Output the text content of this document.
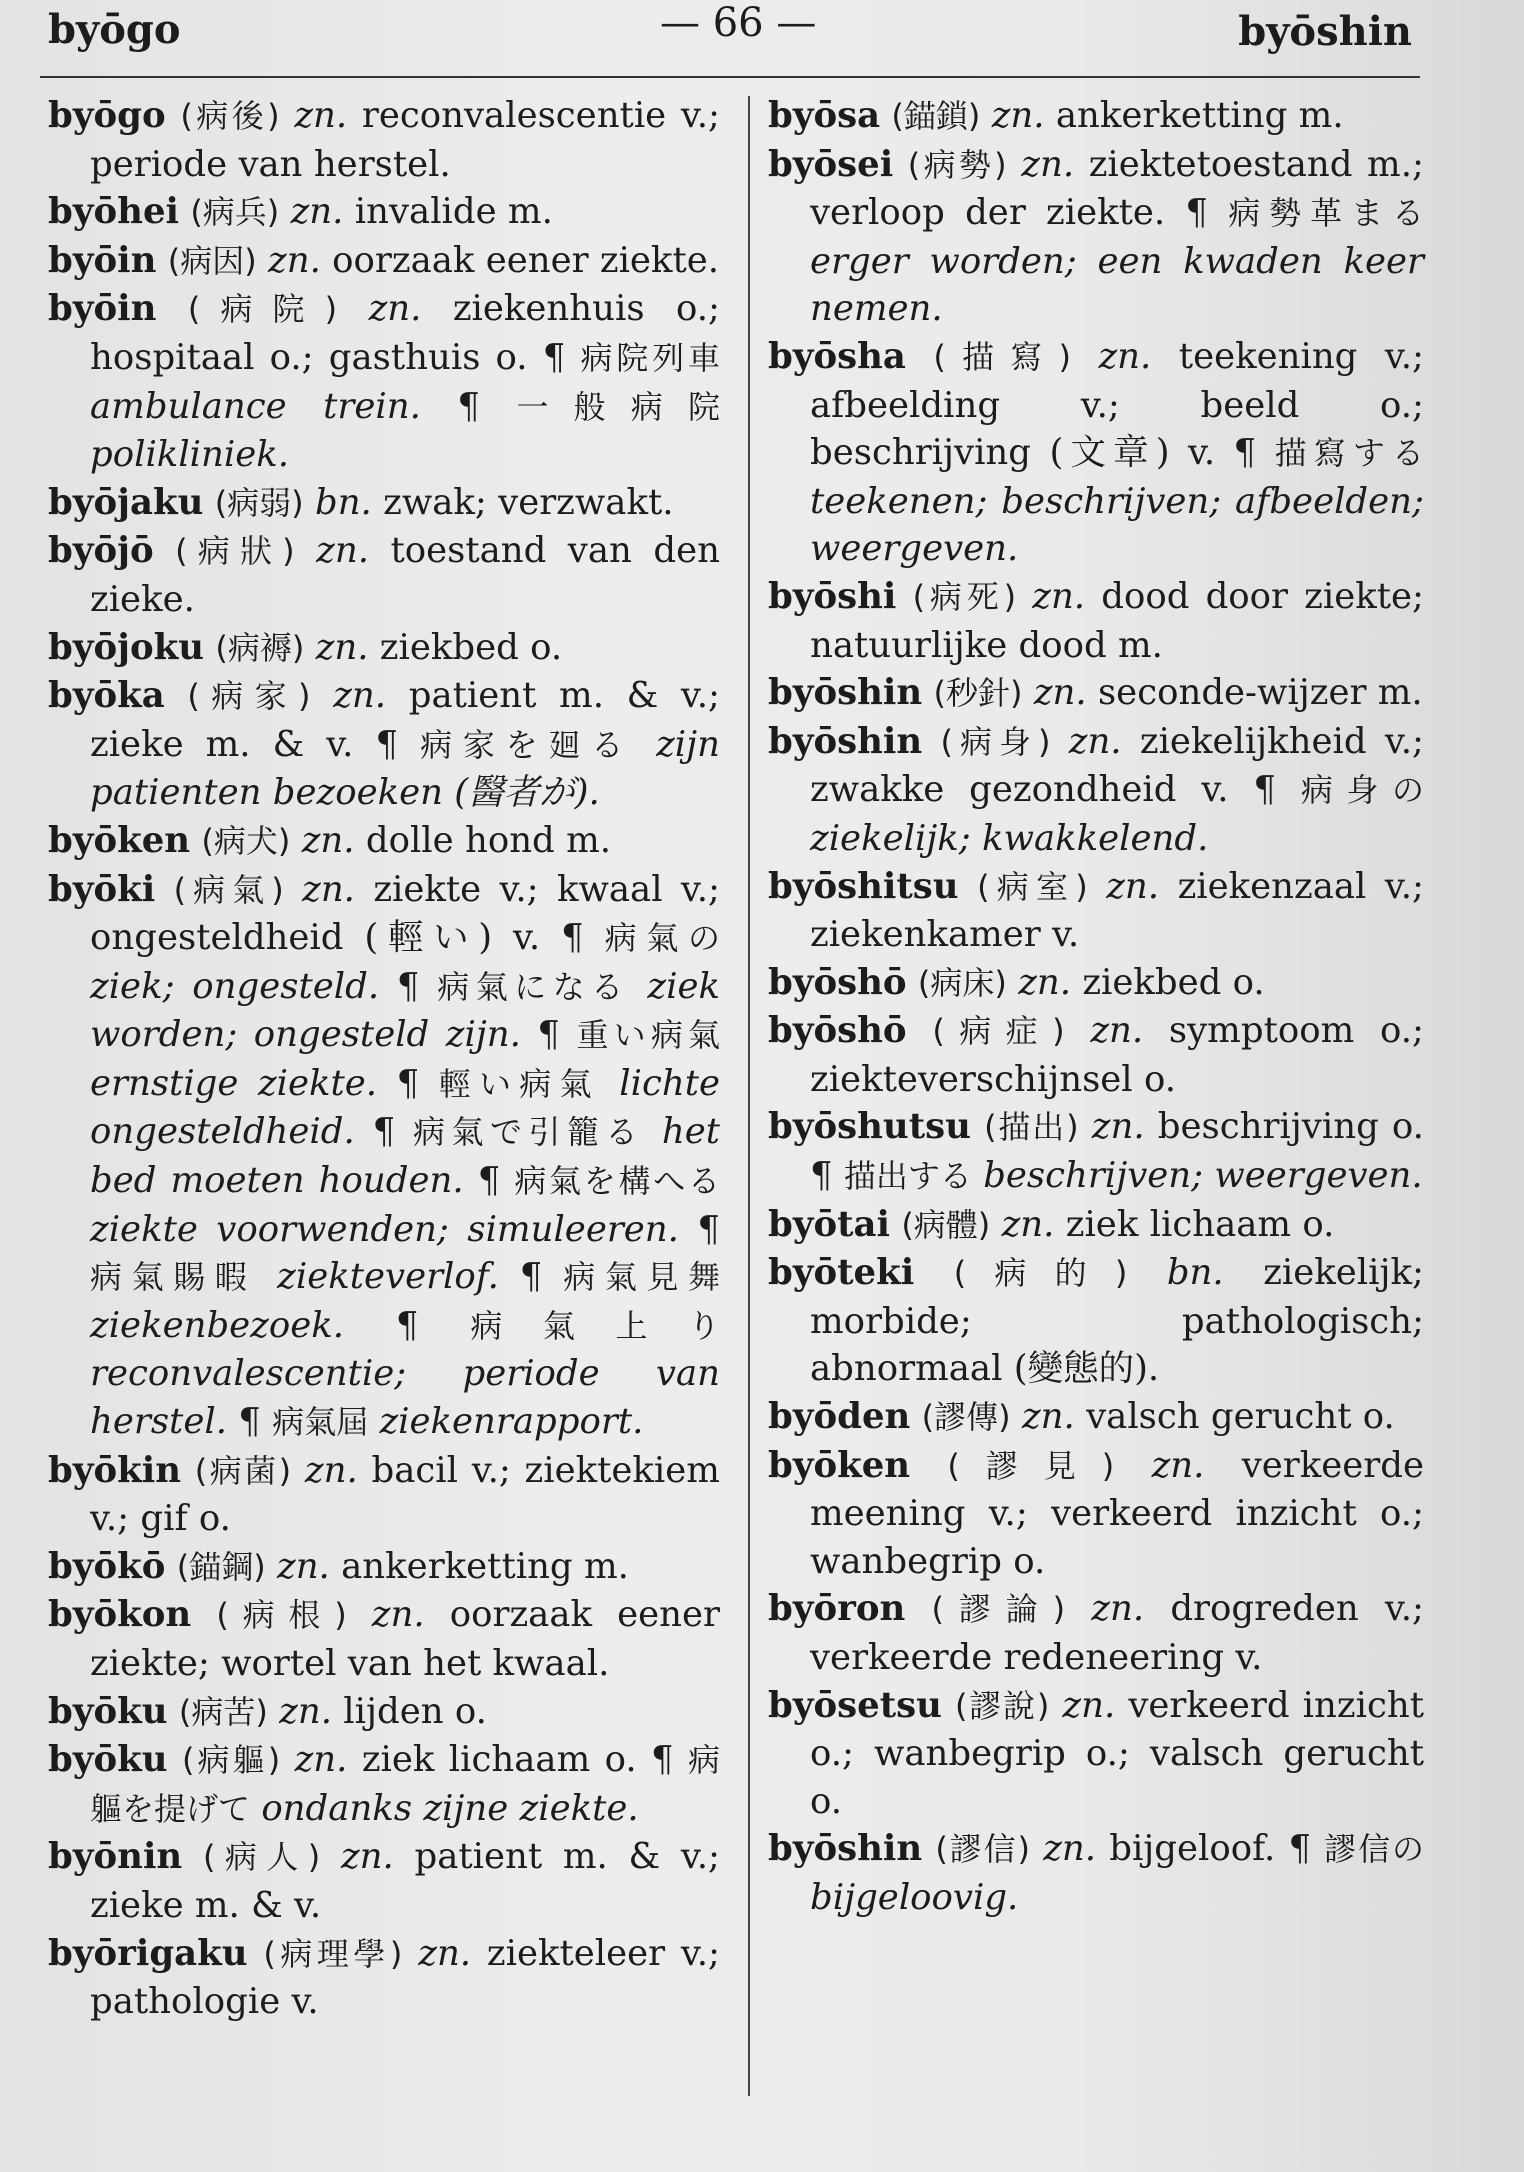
byōgo	— 66 —	byōshin
byōgo (病後) zn. reconvalescentie v.; periode van herstel.
byōhei (病兵) zn. invalide m.
byōin (病因) zn. oorzaak eener ziekte.
byōin (病院) zn. ziekenhuis o.; hospitaal o.; gasthuis o. ¶ 病院列車 ambulance trein. ¶ 一般病院 polikliniek.
byōjaku (病弱) bn. zwak; verzwakt.
byōjō (病狀) zn. toestand van den zieke.
byōjoku (病褥) zn. ziekbed o.
byōka (病家) zn. patient m. & v.; zieke m. & v. ¶ 病家を廻る zijn patienten bezoeken (醫者が).
byōken (病犬) zn. dolle hond m.
byōki (病氣) zn. ziekte v.; kwaal v.; ongesteldheid (輕い) v. ¶ 病氣の ziek; ongesteld. ¶ 病氣になる ziek worden; ongesteld zijn. ¶ 重い病氣 ernstige ziekte. ¶ 輕い病氣 lichte ongesteldheid. ¶ 病氣で引籠る het bed moeten houden. ¶ 病氣を構へる ziekte voorwenden; simuleeren. ¶ 病氣賜暇 ziekteverlof. ¶ 病氣見舞 ziekenbezoek. ¶ 病氣上り reconvalescentie; periode van herstel. ¶ 病氣屆 ziekenrapport.
byōkin (病菌) zn. bacil v.; ziektekiem v.; gif o.
byōkō (錨鋼) zn. ankerketting m.
byōkon (病根) zn. oorzaak eener ziekte; wortel van het kwaal.
byōku (病苦) zn. lijden o.
byōku (病軀) zn. ziek lichaam o. ¶ 病軀を提げて ondanks zijne ziekte.
byōnin (病人) zn. patient m. & v.; zieke m. & v.
byōrigaku (病理學) zn. ziekteleer v.; pathologie v.
byōsa (錨鎖) zn. ankerketting m.
byōsei (病勢) zn. ziektetoestand m.; verloop der ziekte. ¶ 病勢革まる erger worden; een kwaden keer nemen.
byōsha (描寫) zn. teekening v.; afbeelding v.; beeld o.; beschrijving (文章) v. ¶ 描寫する teekenen; beschrijven; afbeelden; weergeven.
byōshi (病死) zn. dood door ziekte; natuurlijke dood m.
byōshin (秒針) zn. seconde-wijzer m.
byōshin (病身) zn. ziekelijkheid v.; zwakke gezondheid v. ¶ 病身の ziekelijk; kwakkelend.
byōshitsu (病室) zn. ziekenzaal v.; ziekenkamer v.
byōshō (病床) zn. ziekbed o.
byōshō (病症) zn. symptoom o.; ziekteverschijnsel o.
byōshutsu (描出) zn. beschrijving o. ¶ 描出する beschrijven; weergeven.
byōtai (病體) zn. ziek lichaam o.
byōteki (病的) bn. ziekelijk; morbide; pathologisch; abnormaal (變態的).
byōden (謬傳) zn. valsch gerucht o.
byōken (謬見) zn. verkeerde meening v.; verkeerd inzicht o.; wanbegrip o.
byōron (謬論) zn. drogreden v.; verkeerde redeneering v.
byōsetsu (謬說) zn. verkeerd inzicht o.; wanbegrip o.; valsch gerucht o.
byōshin (謬信) zn. bijgeloof. ¶ 謬信の bijgeloovig.
